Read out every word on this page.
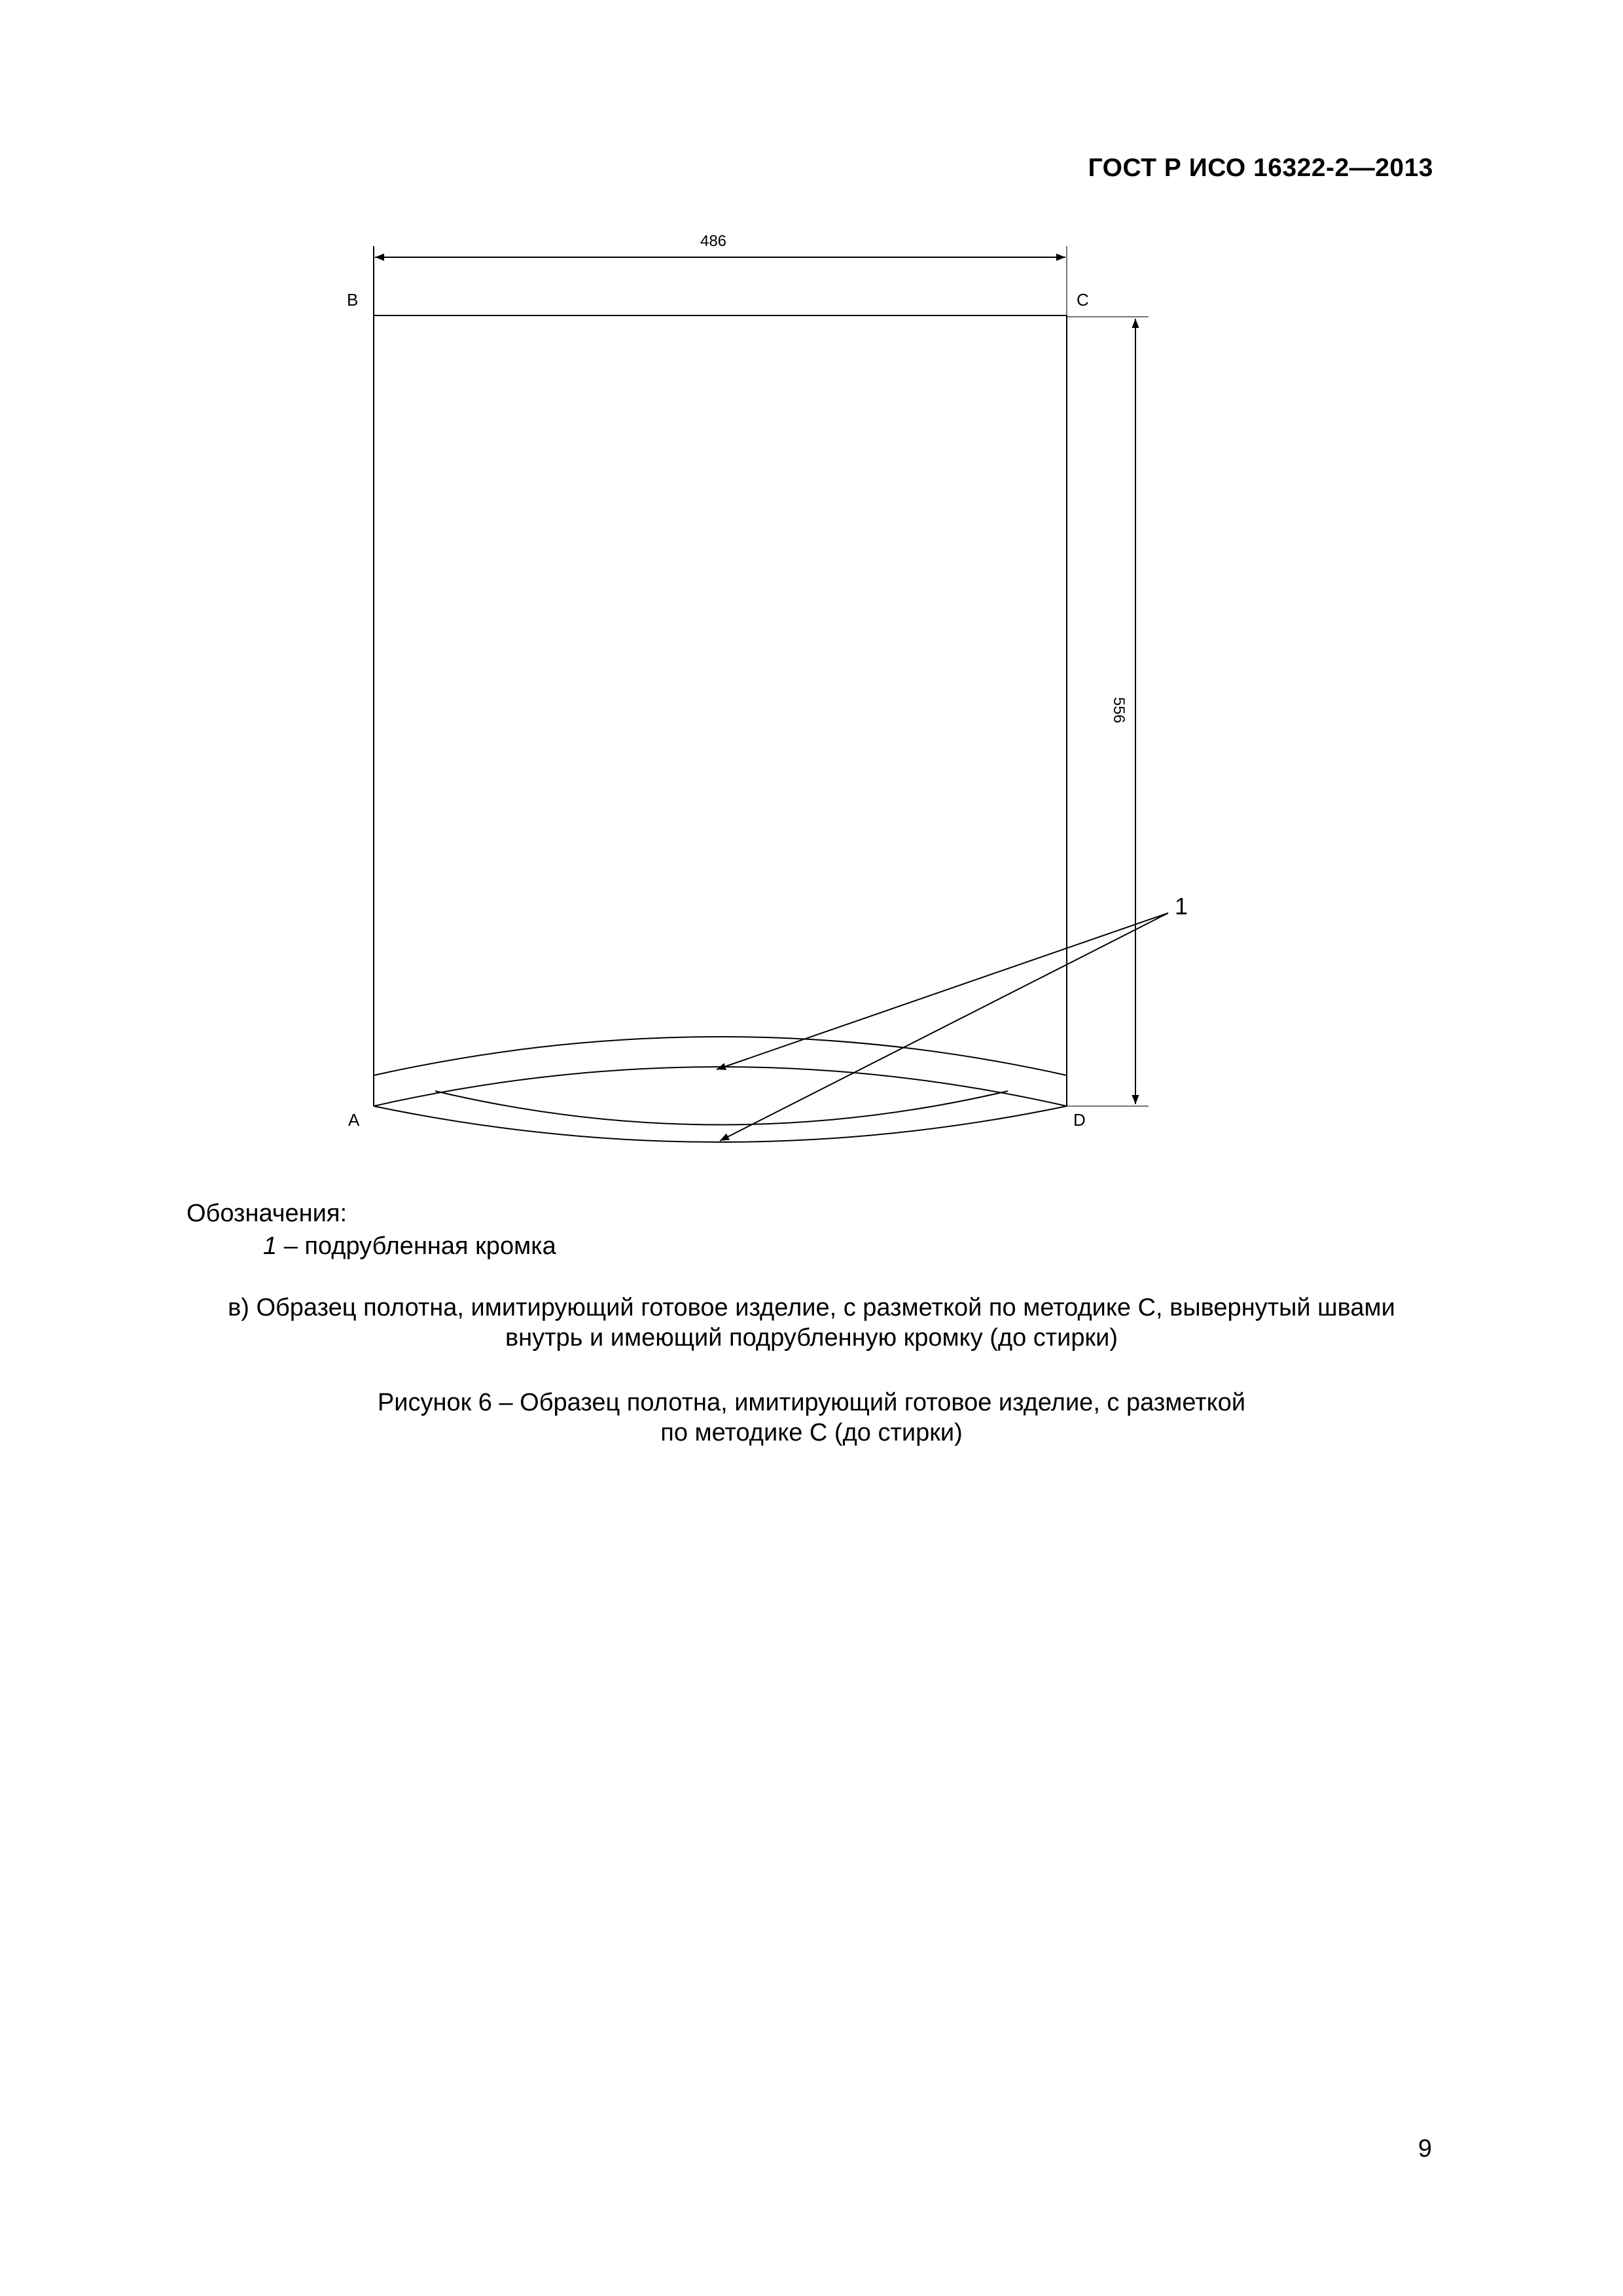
ГОСТ Р ИСО 16322-2—2013
486
556
1
В	С
А	D
Обозначения:
1 – подрубленная кромка
в) Образец полотна, имитирующий готовое изделие, с разметкой по методике С, вывернутый швами
внутрь и имеющий подрубленную кромку (до стирки)
Рисунок 6 – Образец полотна, имитирующий готовое изделие, с разметкой
по методике С (до стирки)
9
